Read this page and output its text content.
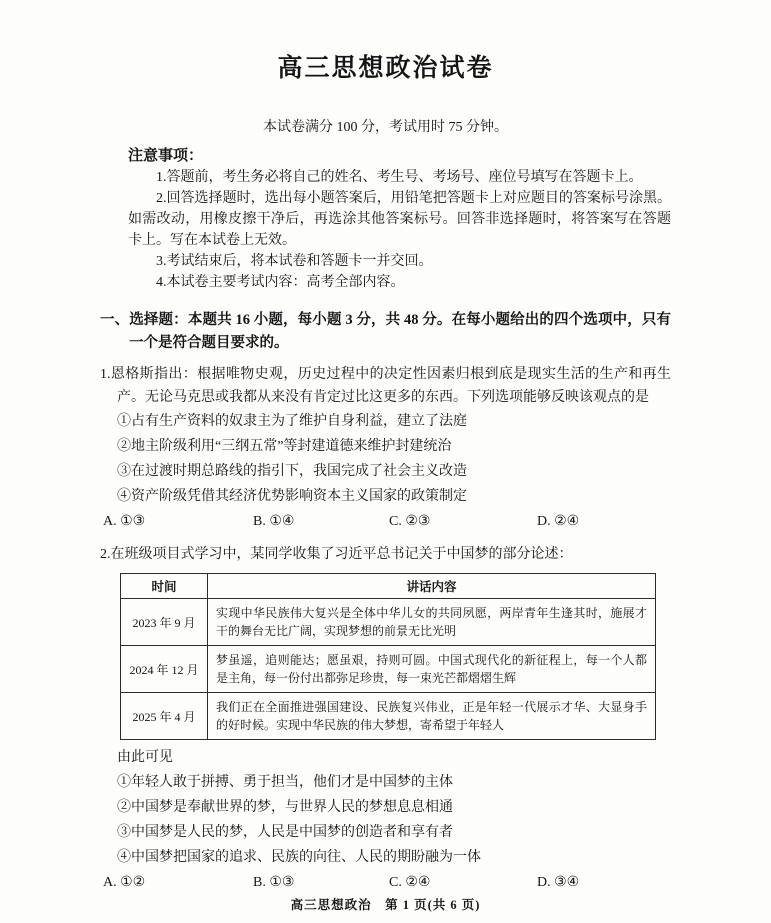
高三思想政治试卷

本试卷满分 100 分，考试用时 75 分钟。

注意事项：

1.答题前，考生务必将自己的姓名、考生号、考场号、座位号填写在答题卡上。

2.回答选择题时，选出每小题答案后，用铅笔把答题卡上对应题目的答案标号涂黑。如需改动，用橡皮擦干净后，再选涂其他答案标号。回答非选择题时，将答案写在答题卡上。写在本试卷上无效。

3.考试结束后，将本试卷和答题卡一并交回。

4.本试卷主要考试内容：高考全部内容。

一、选择题：本题共 16 小题，每小题 3 分，共 48 分。在每小题给出的四个选项中，只有一个是符合题目要求的。

1.恩格斯指出：根据唯物史观，历史过程中的决定性因素归根到底是现实生活的生产和再生产。无论马克思或我都从来没有肯定过比这更多的东西。下列选项能够反映该观点的是

①占有生产资料的奴隶主为了维护自身利益，建立了法庭

②地主阶级利用“三纲五常”等封建道德来维护封建统治

③在过渡时期总路线的指引下，我国完成了社会主义改造

④资产阶级凭借其经济优势影响资本主义国家的政策制定

A. ①③	B. ①④	C. ②③	D. ②④

2.在班级项目式学习中，某同学收集了习近平总书记关于中国梦的部分论述：

时间	讲话内容
2023 年 9 月	实现中华民族伟大复兴是全体中华儿女的共同夙愿，两岸青年生逢其时，施展才干的舞台无比广阔，实现梦想的前景无比光明
2024 年 12 月	梦虽遥，追则能达；愿虽艰，持则可圆。中国式现代化的新征程上，每一个人都是主角，每一份付出都弥足珍贵，每一束光芒都熠熠生辉
2025 年 4 月	我们正在全面推进强国建设、民族复兴伟业，正是年轻一代展示才华、大显身手的好时候。实现中华民族的伟大梦想，寄希望于年轻人

由此可见

①年轻人敢于拼搏、勇于担当，他们才是中国梦的主体

②中国梦是奉献世界的梦，与世界人民的梦想息息相通

③中国梦是人民的梦，人民是中国梦的创造者和享有者

④中国梦把国家的追求、民族的向往、人民的期盼融为一体

A. ①②	B. ①③	C. ②④	D. ③④
高三思想政治　第 1 页(共 6 页)
